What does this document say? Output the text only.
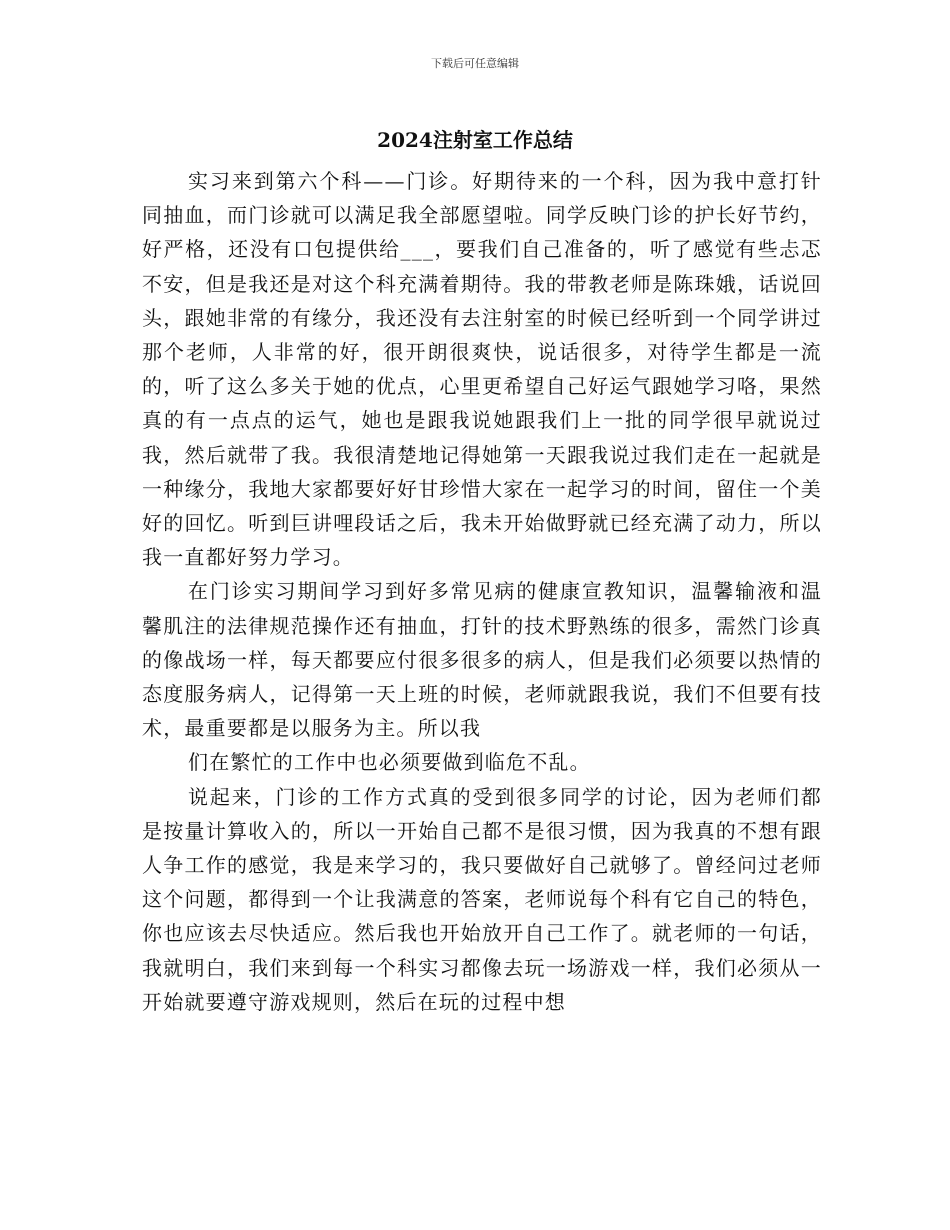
下载后可任意编辑
2024注射室工作总结

实习来到第六个科——门诊。好期待来的一个科，因为我中意打针同抽血，而门诊就可以满足我全部愿望啦。同学反映门诊的护长好节约，好严格，还没有口包提供给___，要我们自己准备的，听了感觉有些忐忑不安，但是我还是对这个科充满着期待。我的带教老师是陈珠娥，话说回头，跟她非常的有缘分，我还没有去注射室的时候已经听到一个同学讲过那个老师，人非常的好，很开朗很爽快，说话很多，对待学生都是一流的，听了这么多关于她的优点，心里更希望自己好运气跟她学习咯，果然真的有一点点的运气，她也是跟我说她跟我们上一批的同学很早就说过我，然后就带了我。我很清楚地记得她第一天跟我说过我们走在一起就是一种缘分，我地大家都要好好甘珍惜大家在一起学习的时间，留住一个美好的回忆。听到巨讲哩段话之后，我未开始做野就已经充满了动力，所以我一直都好努力学习。

在门诊实习期间学习到好多常见病的健康宣教知识，温馨输液和温馨肌注的法律规范操作还有抽血，打针的技术野熟练的很多，需然门诊真的像战场一样，每天都要应付很多很多的病人，但是我们必须要以热情的态度服务病人，记得第一天上班的时候，老师就跟我说，我们不但要有技术，最重要都是以服务为主。所以我

们在繁忙的工作中也必须要做到临危不乱。

说起来，门诊的工作方式真的受到很多同学的讨论，因为老师们都是按量计算收入的，所以一开始自己都不是很习惯，因为我真的不想有跟人争工作的感觉，我是来学习的，我只要做好自己就够了。曾经问过老师这个问题，都得到一个让我满意的答案，老师说每个科有它自己的特色，你也应该去尽快适应。然后我也开始放开自己工作了。就老师的一句话，我就明白，我们来到每一个科实习都像去玩一场游戏一样，我们必须从一开始就要遵守游戏规则，然后在玩的过程中想
